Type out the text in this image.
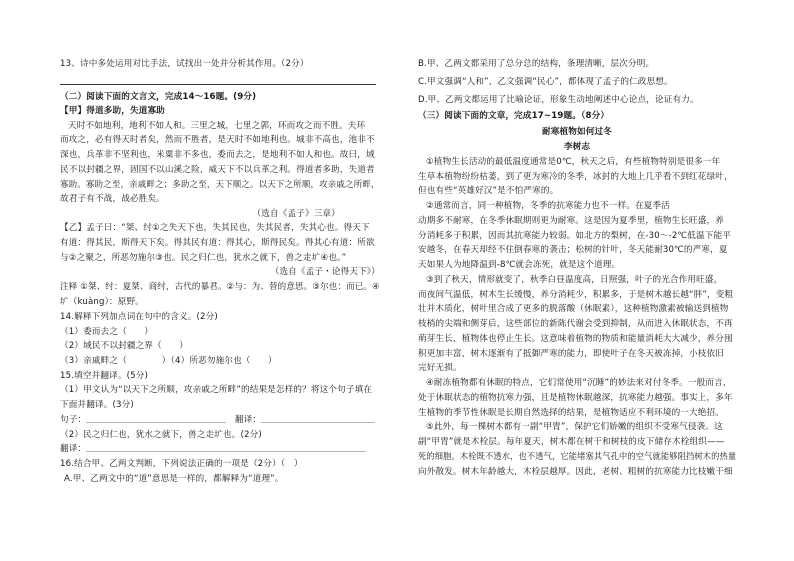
13、诗中多处运用对比手法，试找出一处并分析其作用。（2分）
（二）阅读下面的文言文，完成14～16题。(9分)
【甲】得道多助，失道寡助
天时不如地利，地利不如人和。三里之城，七里之郭，环而攻之而不胜。夫环
而攻之，必有得天时者矣，然而不胜者，是天时不如地利也。城非不高也，池非不
深也，兵革非不坚利也，米粟非不多也，委而去之，是地利不如人和也。故曰，域
民不以封疆之界，固国不以山溪之险，威天下不以兵革之利。得道者多助，失道者
寡助。寡助之至，亲戚畔之；多助之至，天下顺之。以天下之所顺，攻亲戚之所畔，
故君子有不战，战必胜矣。
（选自《孟子》三章）
【乙】孟子曰：“桀、纣①之失天下也，失其民也，失其民者，失其心也。得天下
有道：得其民，斯得天下矣。得其民有道：得其心，斯得民矣。得其心有道：所欲
与②之聚之，所恶勿施尔③也。民之归仁也，犹水之就下，兽之走圹④也。”
（选自《孟子・论得天下》）
注释 ①桀、纣：夏桀、商纣，古代的暴君。②与：为、替的意思。③尔也：而已。④
圹（kuàng）：原野。
14.解释下列加点词在句中的含义。(2分)
（1）委而去之（　　）
（2）域民不以封疆之界（　　）
（3）亲戚畔之（　　　　）（4）所恶勿施尔也（　　）
15.填空并翻译。(5分)
（1）甲文认为“以天下之所顺，攻亲戚之所畔”的结果是怎样的？将这个句子填在
下面并翻译。(3分)
句子：＿＿＿＿＿＿＿＿＿＿＿＿＿＿＿＿　翻译：＿＿＿＿＿＿＿＿＿＿＿＿＿
（2）民之归仁也，犹水之就下，兽之走圹也。(2分)
翻译：＿＿＿＿＿＿＿＿＿＿＿＿＿＿＿＿＿＿＿＿＿＿＿＿＿＿＿＿＿＿＿＿
16.结合甲、乙两文判断，下列说法正确的一项是（2分）（　）
A.甲、乙两文中的“道”意思是一样的，都解释为“道理”。
B.甲、乙两文都采用了总分总的结构，条理清晰，层次分明。
C.甲文强调“人和”，乙文强调“民心”，都体现了孟子的仁政思想。
D.甲、乙两文都运用了比喻论证，形象生动地阐述中心论点，论证有力。
（三）阅读下面的文章，完成17~19题。（8分）
耐寒植物如何过冬
李树志
①植物生长活动的最低温度通常是0℃，秋天之后，有些植物特别是很多一年
生草本植物纷纷枯萎，到了更为寒冷的冬季，冰封的大地上几乎看不到红花绿叶，
但也有些“英雄好汉”是不怕严寒的。
②通常而言，同一种植物，冬季的抗寒能力也不一样。在夏季活
动期多不耐寒，在冬季休眠期则更为耐寒。这是因为夏季里，植物生长旺盛，养
分消耗多于积累，因而其抗寒能力较弱。如北方的梨树，在-30～-2℃低温下能平
安越冬，在春天却经不住倒春寒的袭击；松树的针叶，冬天能耐30℃的严寒，夏
天如果人为地降温到-8℃就会冻死，就是这个道理。
③到了秋天，情形就变了，秋季白昼温度高，日照强，叶子的光合作用旺盛，
而夜间气温低，树木生长缓慢，养分消耗少，积累多，于是树木越长越“胖”，变粗
壮并木质化，树叶里合成了更多的脱落酸（休眠素），这种植物激素被输送到植物
枝梢的尖端和侧芽后，这些部位的新陈代谢会受到抑制，从而进入休眠状态，不再
萌芽生长，植物体也停止生长。这意味着植物的物质和能量消耗大大减少，养分囤
积更加丰富，树木逐渐有了抵御严寒的能力，即使叶子在冬天被冻掉，小枝依旧
完好无损。
④耐冻植物都有休眠的特点，它们常使用“沉睡”的妙法来对付冬季。一般而言，
处于休眠状态的植物抗寒力强，且是植物休眠越深，抗寒能力越强。事实上，多年
生植物的季节性休眠是长期自然选择的结果，是植物适应不利环境的一大绝招。
⑤此外，每一棵树木都有一副“甲胄”，保护它们娇嫩的组织不受寒气侵袭。这
副“甲胄”就是木栓层。每年夏天，树木都在树干和树枝的皮下储存木栓组织——
死的细胞。木栓既不透水，也不透气，它能堵塞其气孔中的空气就能够阻挡树木的热量
向外散发。树木年龄越大，木栓层越厚。因此，老树、粗树的抗寒能力比枝嫩干细
